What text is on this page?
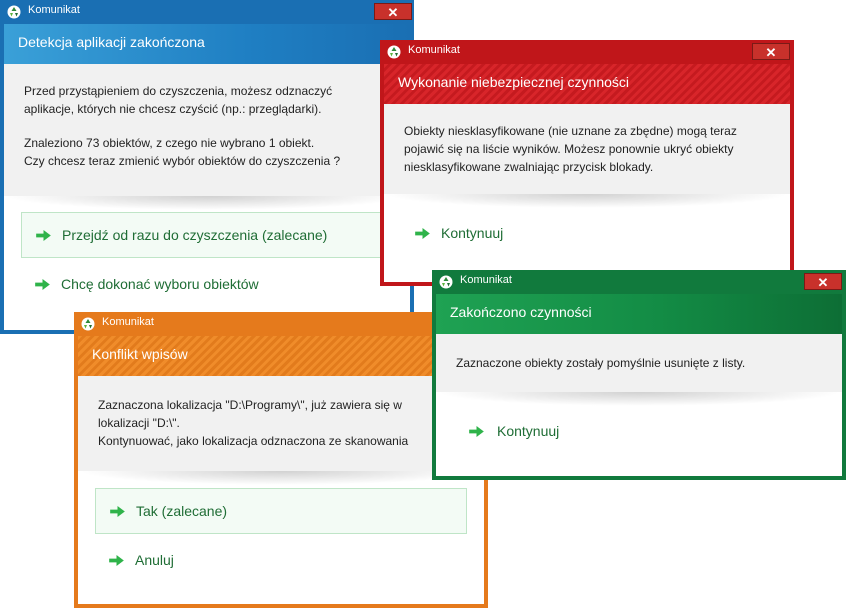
Komunikat	✕
Detekcja aplikacji zakończona
Przed przystąpieniem do czyszczenia, możesz odznaczyć
aplikacje, których nie chcesz czyścić (np.: przeglądarki).
Znaleziono 73 obiektów, z czego nie wybrano 1 obiekt.
Czy chcesz teraz zmienić wybór obiektów do czyszczenia ?
Przejdź od razu do czyszczenia (zalecane)
Chcę dokonać wyboru obiektów
Komunikat	✕
Wykonanie niebezpiecznej czynności
Obiekty niesklasyfikowane (nie uznane za zbędne) mogą teraz
pojawić się na liście wyników. Możesz ponownie ukryć obiekty
niesklasyfikowane zwalniając przycisk blokady.
Kontynuuj
Komunikat
Konflikt wpisów
Zaznaczona lokalizacja "D:\Programy\", już zawiera się w
lokalizacji "D:\".
Kontynuować, jako lokalizacja odznaczona ze skanowania
Tak (zalecane)
Anuluj
Komunikat	✕
Zakończono czynności
Zaznaczone obiekty zostały pomyślnie usunięte z listy.
Kontynuuj
